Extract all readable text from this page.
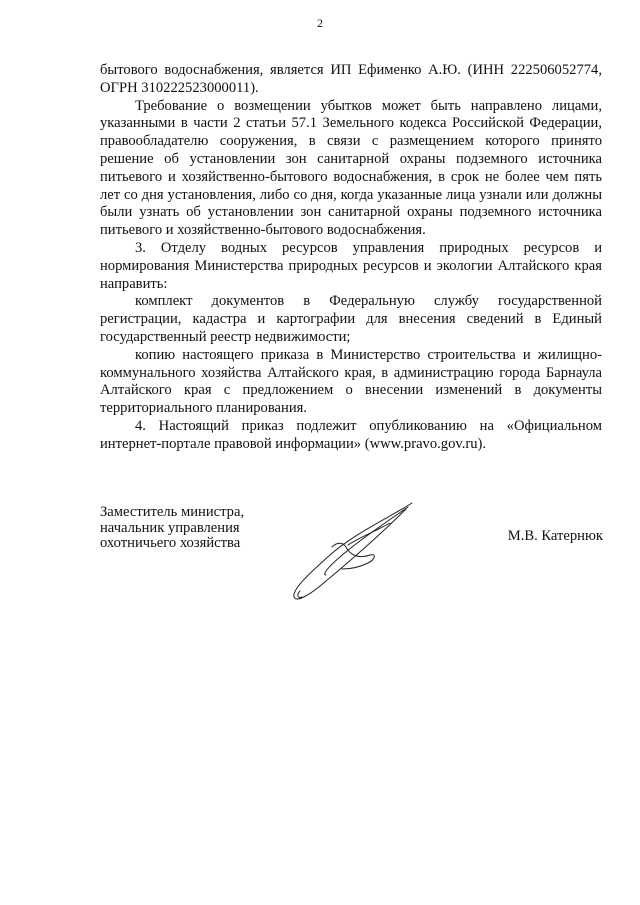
2

бытового водоснабжения, является ИП Ефименко А.Ю. (ИНН 222506052774, ОГРН 310222523000011).

Требование о возмещении убытков может быть направлено лицами, указанными в части 2 статьи 57.1 Земельного кодекса Российской Федерации, правообладателю сооружения, в связи с размещением которого принято решение об установлении зон санитарной охраны подземного источника питьевого и хозяйственно-бытового водоснабжения, в срок не более чем пять лет со дня установления, либо со дня, когда указанные лица узнали или должны были узнать об установлении зон санитарной охраны подземного источника питьевого и хозяйственно-бытового водоснабжения.

3. Отделу водных ресурсов управления природных ресурсов и нормирования Министерства природных ресурсов и экологии Алтайского края направить:

комплект документов в Федеральную службу государственной регистрации, кадастра и картографии для внесения сведений в Единый государственный реестр недвижимости;

копию настоящего приказа в Министерство строительства и жилищно-коммунального хозяйства Алтайского края, в администрацию города Барнаула Алтайского края с предложением о внесении изменений в документы территориального планирования.

4. Настоящий приказ подлежит опубликованию на «Официальном интернет-портале правовой информации» (www.pravo.gov.ru).

Заместитель министра,
начальник управления
охотничьего хозяйства	М.В. Катернюк
